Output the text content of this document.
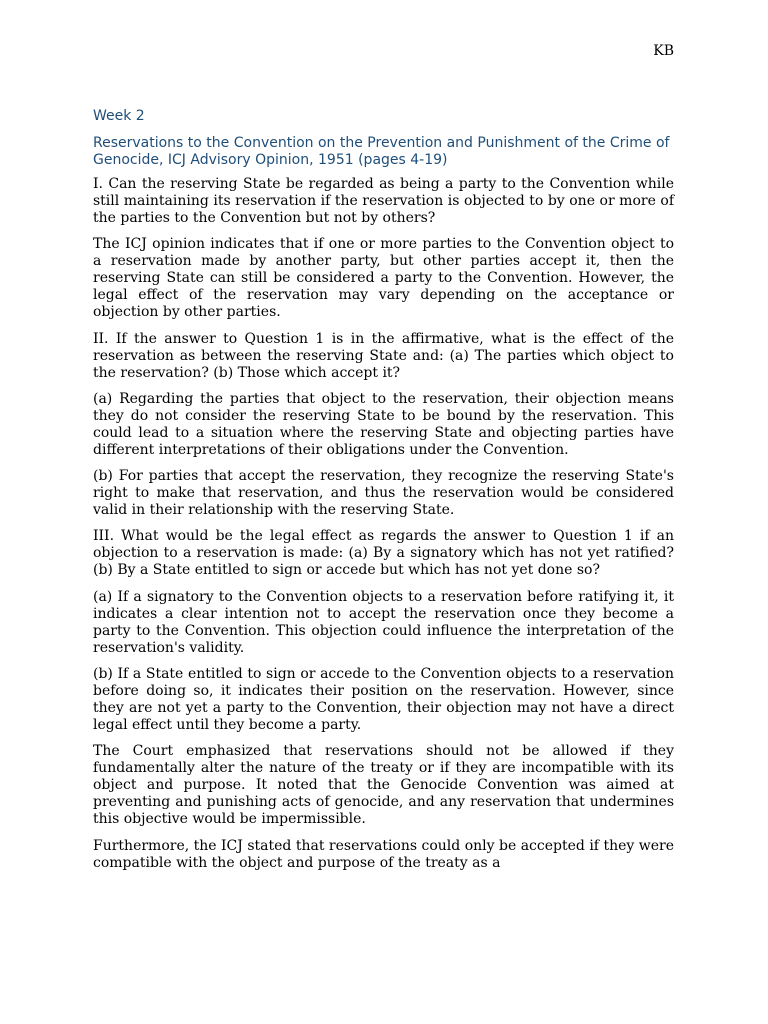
KB
Week 2
Reservations to the Convention on the Prevention and Punishment of the Crime of Genocide, ICJ Advisory Opinion, 1951 (pages 4-19)

I. Can the reserving State be regarded as being a party to the Convention while still maintaining its reservation if the reservation is objected to by one or more of the parties to the Convention but not by others?

The ICJ opinion indicates that if one or more parties to the Convention object to a reservation made by another party, but other parties accept it, then the reserving State can still be considered a party to the Convention. However, the legal effect of the reservation may vary depending on the acceptance or objection by other parties.

II. If the answer to Question 1 is in the affirmative, what is the effect of the reservation as between the reserving State and: (a) The parties which object to the reservation? (b) Those which accept it?

(a) Regarding the parties that object to the reservation, their objection means they do not consider the reserving State to be bound by the reservation. This could lead to a situation where the reserving State and objecting parties have different interpretations of their obligations under the Convention.

(b) For parties that accept the reservation, they recognize the reserving State's right to make that reservation, and thus the reservation would be considered valid in their relationship with the reserving State.

III. What would be the legal effect as regards the answer to Question 1 if an objection to a reservation is made: (a) By a signatory which has not yet ratified? (b) By a State entitled to sign or accede but which has not yet done so?

(a) If a signatory to the Convention objects to a reservation before ratifying it, it indicates a clear intention not to accept the reservation once they become a party to the Convention. This objection could influence the interpretation of the reservation's validity.

(b) If a State entitled to sign or accede to the Convention objects to a reservation before doing so, it indicates their position on the reservation. However, since they are not yet a party to the Convention, their objection may not have a direct legal effect until they become a party.

The Court emphasized that reservations should not be allowed if they fundamentally alter the nature of the treaty or if they are incompatible with its object and purpose. It noted that the Genocide Convention was aimed at preventing and punishing acts of genocide, and any reservation that undermines this objective would be impermissible.

Furthermore, the ICJ stated that reservations could only be accepted if they were compatible with the object and purpose of the treaty as a
